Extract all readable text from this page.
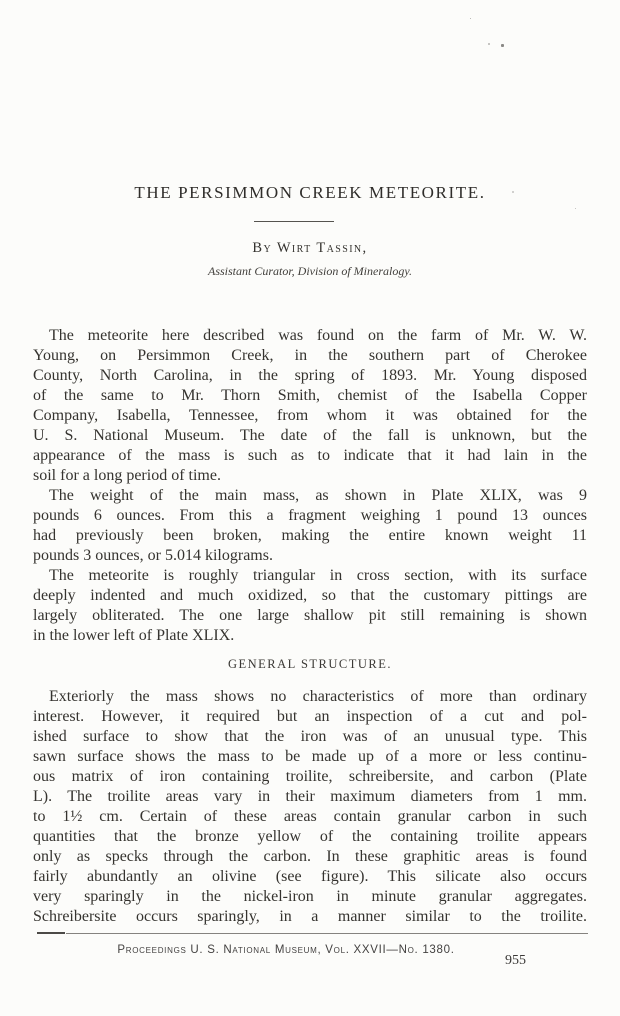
THE PERSIMMON CREEK METEORITE.
By Wirt Tassin,
Assistant Curator, Division of Mineralogy.
The meteorite here described was found on the farm of Mr. W. W.
Young, on Persimmon Creek, in the southern part of Cherokee
County, North Carolina, in the spring of 1893. Mr. Young disposed
of the same to Mr. Thorn Smith, chemist of the Isabella Copper
Company, Isabella, Tennessee, from whom it was obtained for the
U. S. National Museum. The date of the fall is unknown, but the
appearance of the mass is such as to indicate that it had lain in the
soil for a long period of time.
The weight of the main mass, as shown in Plate XLIX, was 9
pounds 6 ounces. From this a fragment weighing 1 pound 13 ounces
had previously been broken, making the entire known weight 11
pounds 3 ounces, or 5.014 kilograms.
The meteorite is roughly triangular in cross section, with its surface
deeply indented and much oxidized, so that the customary pittings are
largely obliterated. The one large shallow pit still remaining is shown
in the lower left of Plate XLIX.
GENERAL STRUCTURE.
Exteriorly the mass shows no characteristics of more than ordinary
interest. However, it required but an inspection of a cut and pol-
ished surface to show that the iron was of an unusual type. This
sawn surface shows the mass to be made up of a more or less continu-
ous matrix of iron containing troilite, schreibersite, and carbon (Plate
L). The troilite areas vary in their maximum diameters from 1 mm.
to 1½ cm. Certain of these areas contain granular carbon in such
quantities that the bronze yellow of the containing troilite appears
only as specks through the carbon. In these graphitic areas is found
fairly abundantly an olivine (see figure). This silicate also occurs
very sparingly in the nickel-iron in minute granular aggregates.
Schreibersite occurs sparingly, in a manner similar to the troilite.
Proceedings U. S. National Museum, Vol. XXVII—No. 1380.
955
